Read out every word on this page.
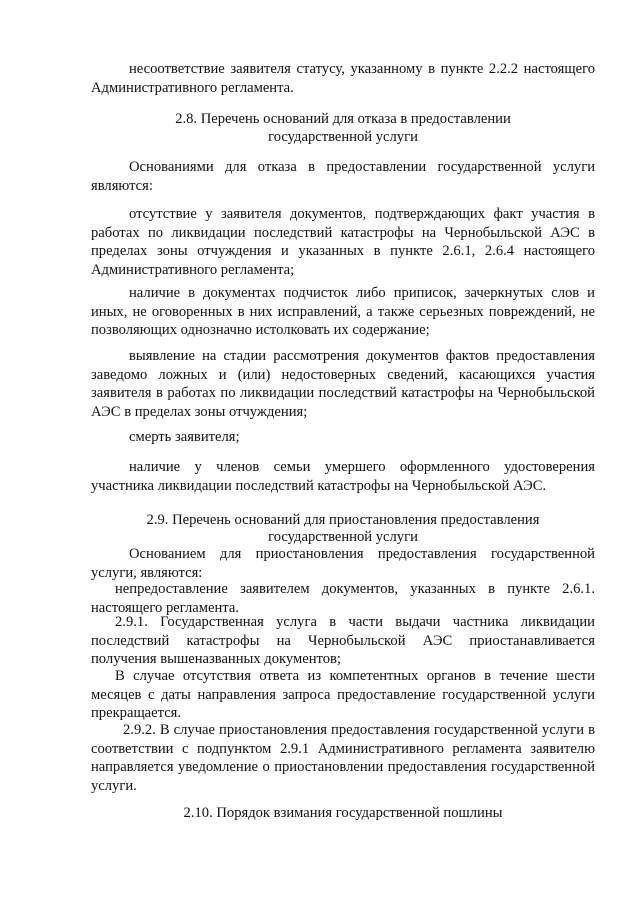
несоответствие заявителя статусу, указанному в пункте 2.2.2 настоящего Административного регламента.

2.8. Перечень оснований для отказа в предоставлении

государственной услуги

Основаниями для отказа в предоставлении государственной услуги являются:

отсутствие у заявителя документов, подтверждающих факт участия в работах по ликвидации последствий катастрофы на Чернобыльской АЭС в пределах зоны отчуждения и указанных в пункте 2.6.1, 2.6.4 настоящего Административного регламента;

наличие в документах подчисток либо приписок, зачеркнутых слов и иных, не оговоренных в них исправлений, а также серьезных повреждений, не позволяющих однозначно истолковать их содержание;

выявление на стадии рассмотрения документов фактов предоставления заведомо ложных и (или) недостоверных сведений, касающихся участия заявителя в работах по ликвидации последствий катастрофы на Чернобыльской АЭС в пределах зоны отчуждения;

смерть заявителя;

наличие у членов семьи умершего оформленного удостоверения участника ликвидации последствий катастрофы на Чернобыльской АЭС.

2.9. Перечень оснований для приостановления предоставления

государственной услуги

Основанием для приостановления предоставления государственной услуги, являются:

непредоставление заявителем документов, указанных в пункте 2.6.1. настоящего регламента.

2.9.1. Государственная услуга в части выдачи частника ликвидации последствий катастрофы на Чернобыльской АЭС приостанавливается получения вышеназванных документов;

В случае отсутствия ответа из компетентных органов в течение шести месяцев с даты направления запроса предоставление государственной услуги прекращается.

2.9.2. В случае приостановления предоставления государственной услуги в соответствии с подпунктом 2.9.1 Административного регламента заявителю направляется уведомление о приостановлении предоставления государственной услуги.

2.10. Порядок взимания государственной пошлины
